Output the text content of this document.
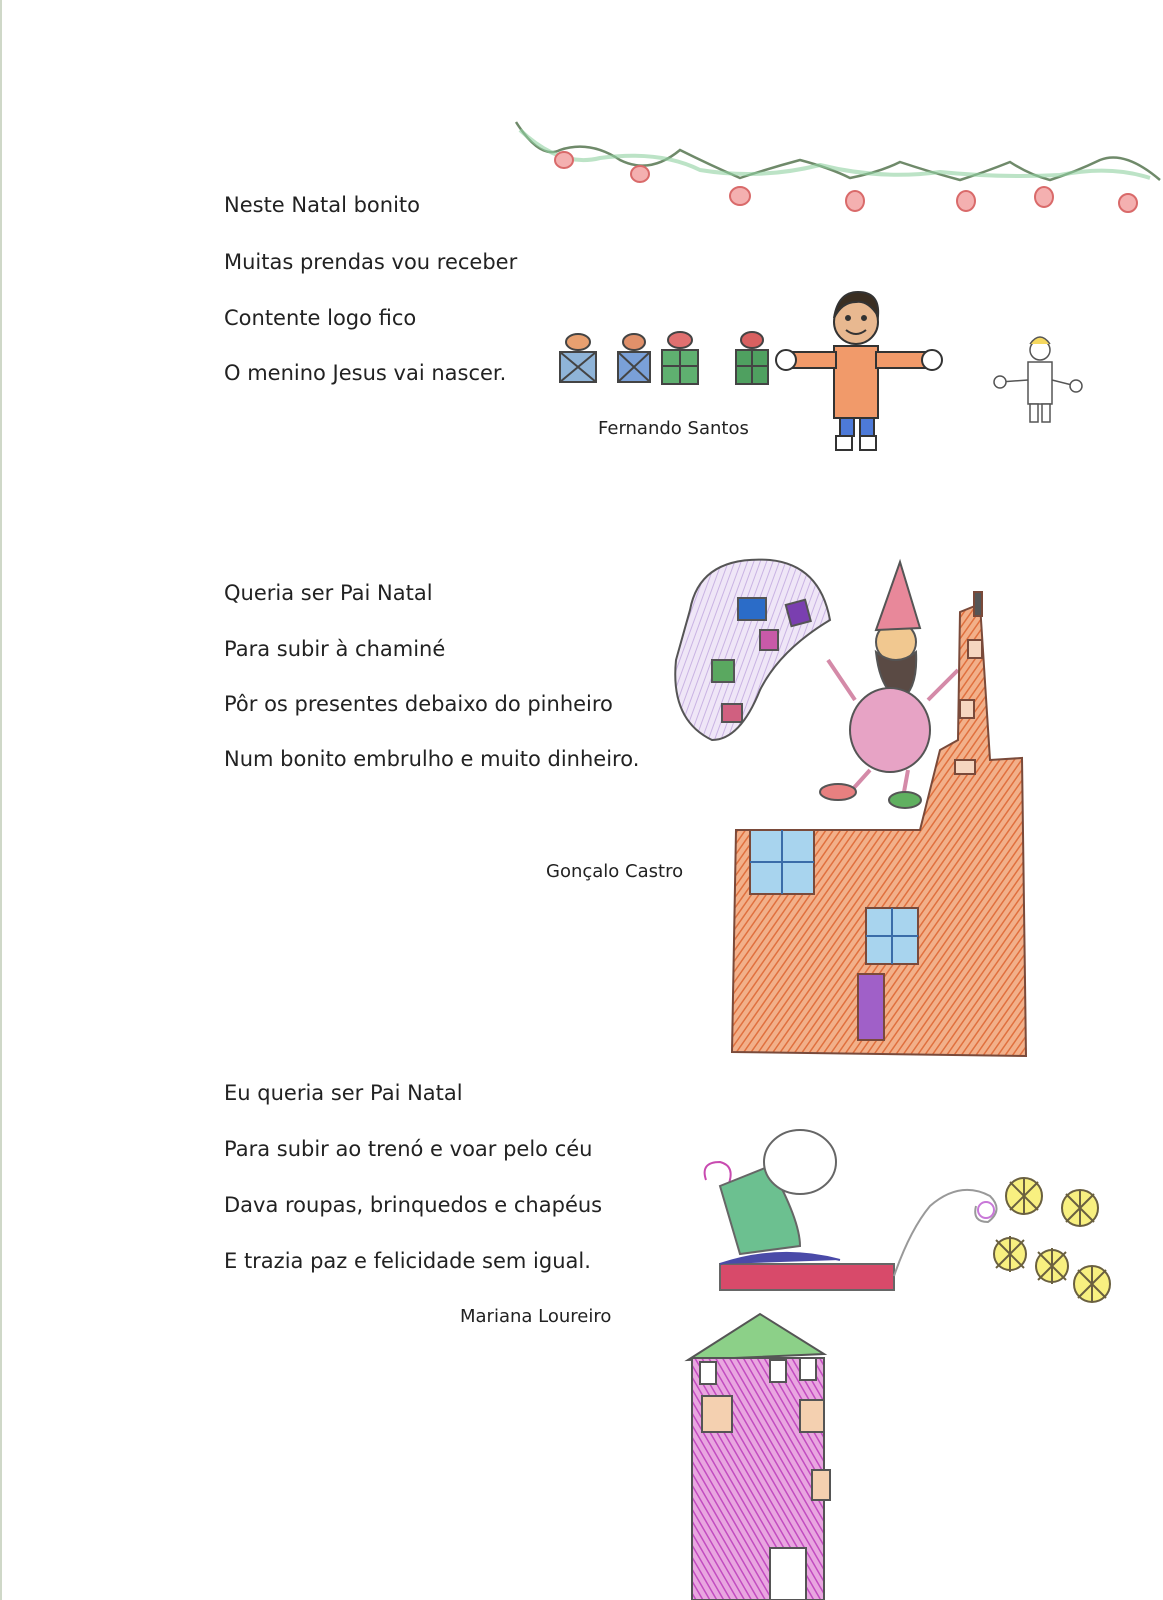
Neste Natal bonito
Muitas prendas vou receber
Contente logo fico
O menino Jesus vai nascer.
Fernando Santos
Queria ser Pai Natal
Para subir à chaminé
Pôr os presentes debaixo do pinheiro
Num bonito embrulho e muito dinheiro.
Gonçalo Castro
Eu queria ser Pai Natal
Para subir ao trenó e voar pelo céu
Dava roupas, brinquedos e chapéus
E trazia paz e felicidade sem igual.
Mariana Loureiro
